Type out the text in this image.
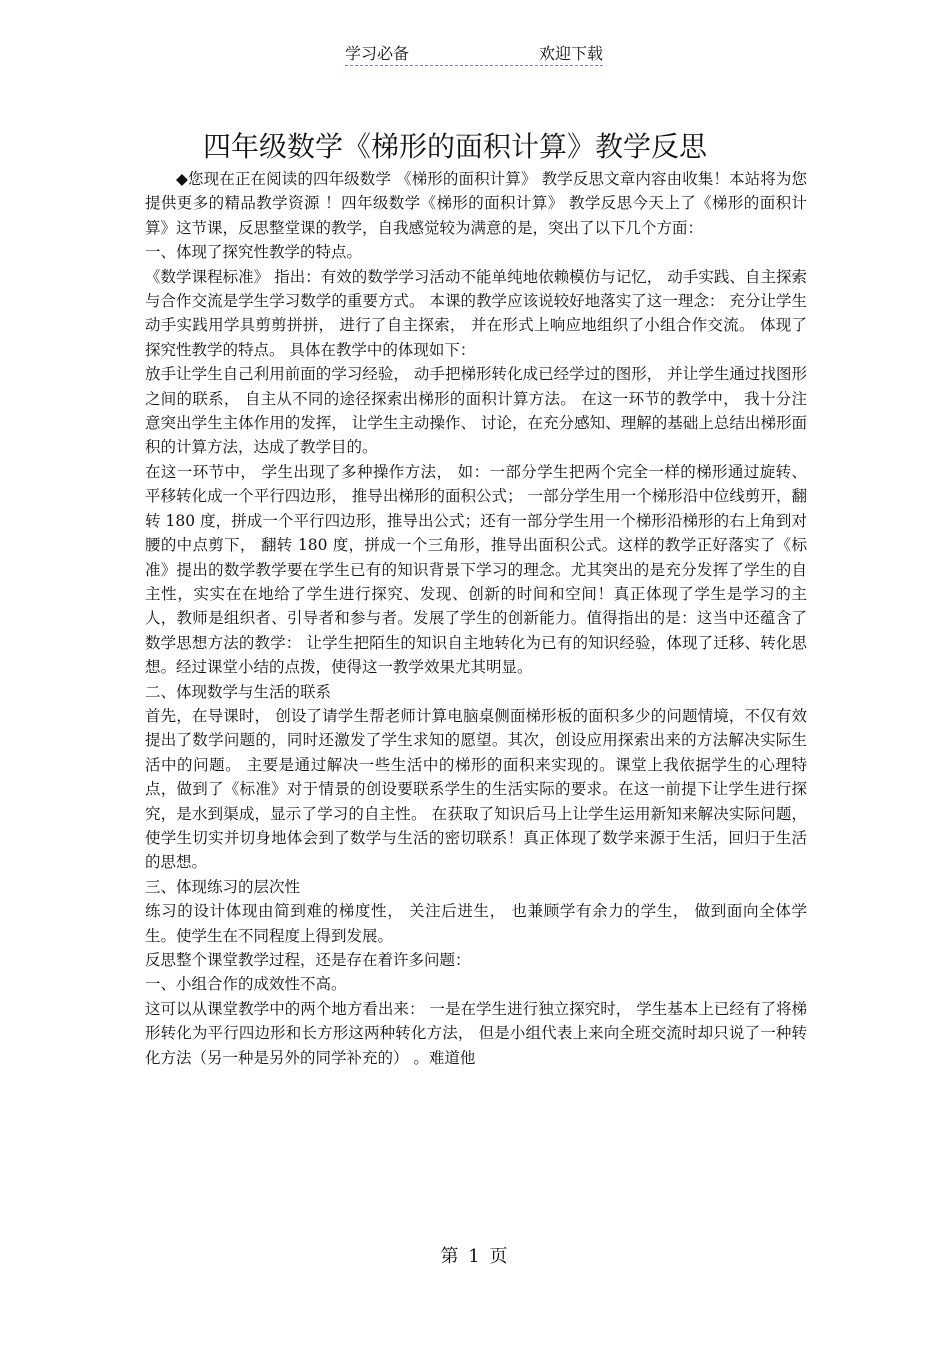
学习必备	欢迎下载
四年级数学《梯形的面积计算》教学反思

◆您现在正在阅读的四年级数学 《梯形的面积计算》 教学反思文章内容由收集！本站将为您提供更多的精品教学资源 ！四年级数学《梯形的面积计算》 教学反思今天上了《梯形的面积计算》这节课，反思整堂课的教学，自我感觉较为满意的是，突出了以下几个方面：

一、体现了探究性教学的特点。

《数学课程标准》 指出：有效的数学学习活动不能单纯地依赖模仿与记忆， 动手实践、自主探索与合作交流是学生学习数学的重要方式。 本课的教学应该说较好地落实了这一理念： 充分让学生动手实践用学具剪剪拼拼， 进行了自主探索， 并在形式上响应地组织了小组合作交流。 体现了探究性教学的特点。 具体在教学中的体现如下：

放手让学生自己利用前面的学习经验， 动手把梯形转化成已经学过的图形， 并让学生通过找图形之间的联系， 自主从不同的途径探索出梯形的面积计算方法。 在这一环节的教学中， 我十分注意突出学生主体作用的发挥， 让学生主动操作、 讨论，在充分感知、理解的基础上总结出梯形面积的计算方法，达成了教学目的。

在这一环节中， 学生出现了多种操作方法， 如：一部分学生把两个完全一样的梯形通过旋转、 平移转化成一个平行四边形， 推导出梯形的面积公式； 一部分学生用一个梯形沿中位线剪开，翻转 180 度，拼成一个平行四边形，推导出公式；还有一部分学生用一个梯形沿梯形的右上角到对腰的中点剪下， 翻转 180 度，拼成一个三角形，推导出面积公式。这样的教学正好落实了《标准》提出的数学教学要在学生已有的知识背景下学习的理念。尤其突出的是充分发挥了学生的自主性，实实在在地给了学生进行探究、发现、创新的时间和空间！真正体现了学生是学习的主人，教师是组织者、引导者和参与者。发展了学生的创新能力。值得指出的是：这当中还蕴含了数学思想方法的教学： 让学生把陌生的知识自主地转化为已有的知识经验，体现了迁移、转化思想。经过课堂小结的点拨，使得这一教学效果尤其明显。

二、体现数学与生活的联系

首先，在导课时， 创设了请学生帮老师计算电脑桌侧面梯形板的面积多少的问题情境，不仅有效提出了数学问题的，同时还激发了学生求知的愿望。其次，创设应用探索出来的方法解决实际生活中的问题。 主要是通过解决一些生活中的梯形的面积来实现的。课堂上我依据学生的心理特点，做到了《标准》对于情景的创设要联系学生的生活实际的要求。在这一前提下让学生进行探究，是水到渠成，显示了学习的自主性。 在获取了知识后马上让学生运用新知来解决实际问题， 使学生切实并切身地体会到了数学与生活的密切联系！真正体现了数学来源于生活，回归于生活的思想。

三、体现练习的层次性

练习的设计体现由简到难的梯度性， 关注后进生， 也兼顾学有余力的学生， 做到面向全体学生。使学生在不同程度上得到发展。

反思整个课堂教学过程，还是存在着许多问题：

一、小组合作的成效性不高。

这可以从课堂教学中的两个地方看出来： 一是在学生进行独立探究时， 学生基本上已经有了将梯形转化为平行四边形和长方形这两种转化方法， 但是小组代表上来向全班交流时却只说了一种转化方法（另一种是另外的同学补充的） 。难道他

第 1 页
